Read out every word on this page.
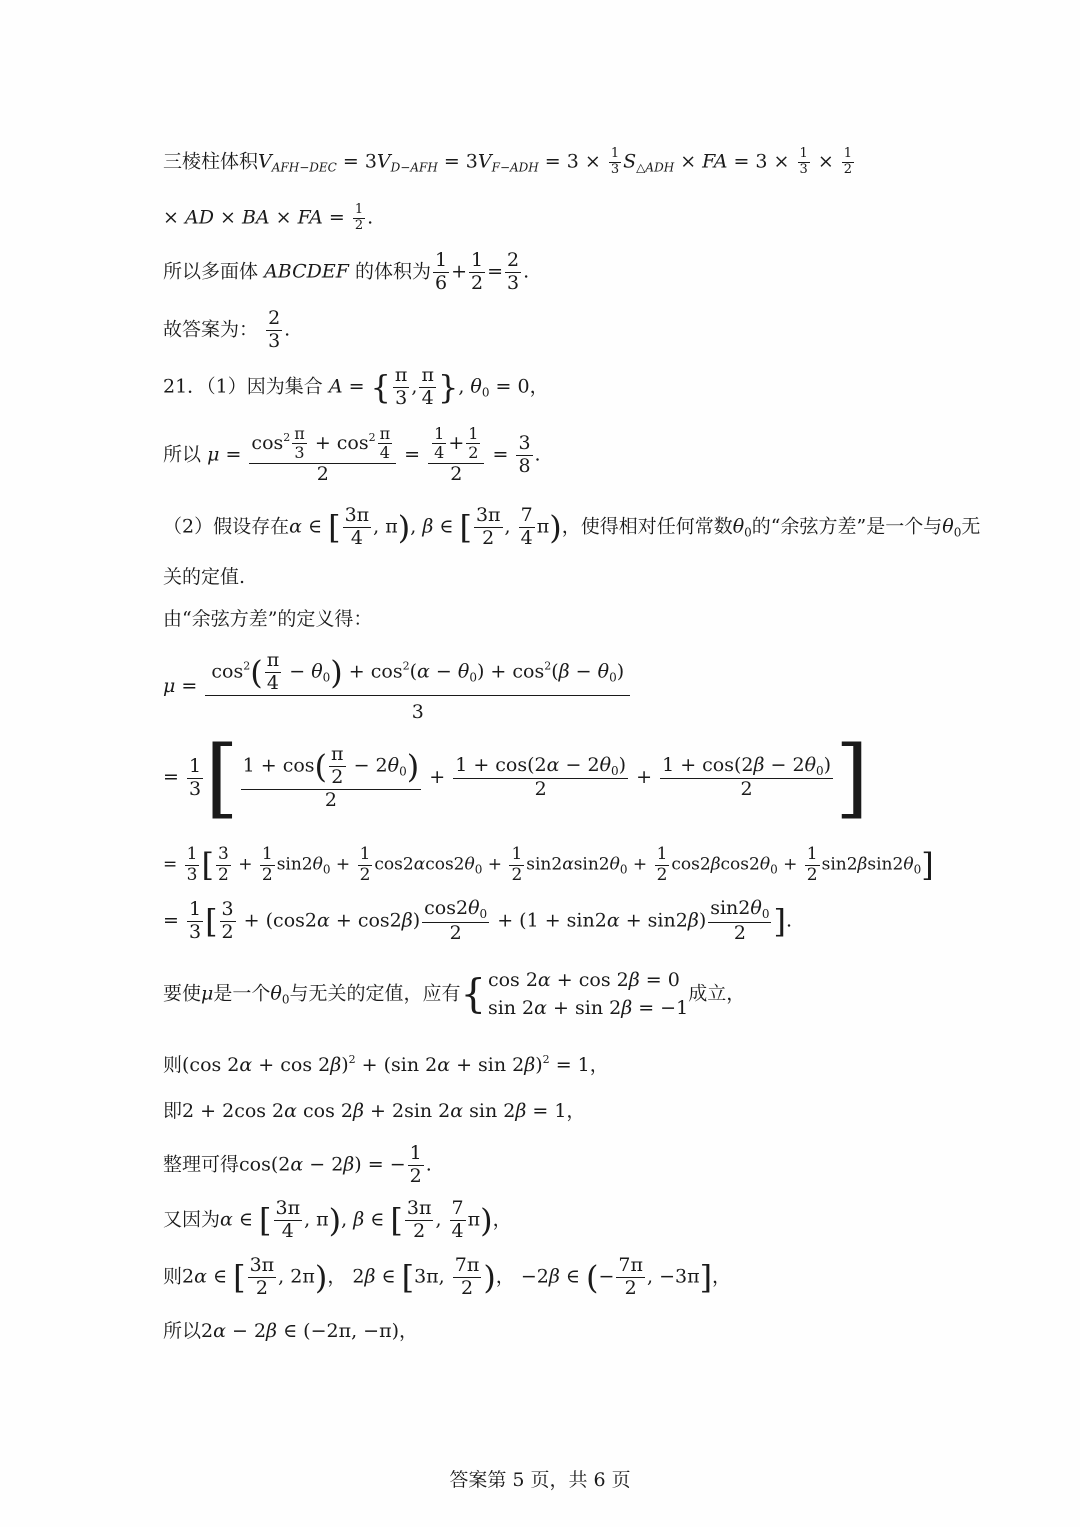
三棱柱体积$V_{AFH-DEC} = 3V_{D-AFH} = 3V_{F-ADH} = 3 \times \frac{1}{3} S_{\triangle ADH}$ × FA = $3 \times \frac{1}{3} \times \frac{1}{2}$
× AD × BA × FA = $\frac{1}{2}$ .
所以多面体 ABCDEF 的体积为 $\frac{1}{6} + \frac{1}{2} = \frac{2}{3}$ .
故答案为： $\frac{2}{3}$ .
21．（1）因为集合 A = { $\frac{\pi}{3}$ , $\frac{\pi}{4}$ }, $\theta_0 = 0$，
所以 $\mu = \frac{\cos^2 \frac{\pi}{3} + \cos^2 \frac{\pi}{4}}{2} = \frac{\frac{1}{4} + \frac{1}{2}}{2} = \frac{3}{8}$ .
（2）假设存在α ∈ [ $\frac{3\pi}{4}$ , π), β ∈ [ $\frac{3\pi}{2}$ , $\frac{7}{4} \pi$)，使得相对任何常数$\theta_0$的“余弦方差”是一个与$\theta_0$无
关的定值.
由“余弦方差”的定义得：
$\mu = \frac{\cos^2( \frac{\pi}{4} - \theta_0) + \cos^2(\alpha - \theta_0) + \cos^2(\beta - \theta_0)}{3}$
= $\frac{1}{3}$ [ $\frac{1 + \cos( \frac{\pi}{2} - 2\theta_0)}{2} + \frac{1 + \cos(2\alpha - 2\theta_0)}{2} + \frac{1 + \cos(2\beta - 2\theta_0)}{2}$ ]
= $\frac{1}{3}$ [ $\frac{3}{2} + \frac{1}{2} \sin 2\theta_0 + \frac{1}{2} \cos 2\alpha\cos 2\theta_0 + \frac{1}{2} \sin 2\alpha\sin 2\theta_0 + \frac{1}{2} \cos 2\beta\cos 2\theta_0 + \frac{1}{2} \sin 2\beta\sin 2\theta_0$]
= $\frac{1}{3}$ [ $\frac{3}{2} + (\cos 2\alpha + \cos 2\beta) \frac{\cos 2\theta_0}{2} + (1 + \sin 2\alpha + \sin 2\beta) \frac{\sin 2\theta_0}{2}$ ].
要使μ是一个$\theta_0$与无关的定值，应有{ cos 2α + cos 2β = 0
sin 2α + sin 2β = −1
成立，
则(cos 2α + cos 2β)$^2$ + (sin 2α + sin 2β)$^2$ = 1，
即2 + 2cos 2α cos 2β + 2sin 2α sin 2β = 1，
整理可得cos(2α − 2β) = − $\frac{1}{2}$ .
又因为α ∈ [ $\frac{3\pi}{4}$ , π), β ∈ [ $\frac{3\pi}{2}$ , $\frac{7}{4} \pi$)，
则2α ∈ [ $\frac{3\pi}{2}$ , 2π)， 2β ∈ [3π, $\frac{7\pi}{2}$ )， −2β ∈ (− $\frac{7\pi}{2}$ , −3π]，
所以2α − 2β ∈ (−2π, −π)，
答案第 5 页，共 6 页
